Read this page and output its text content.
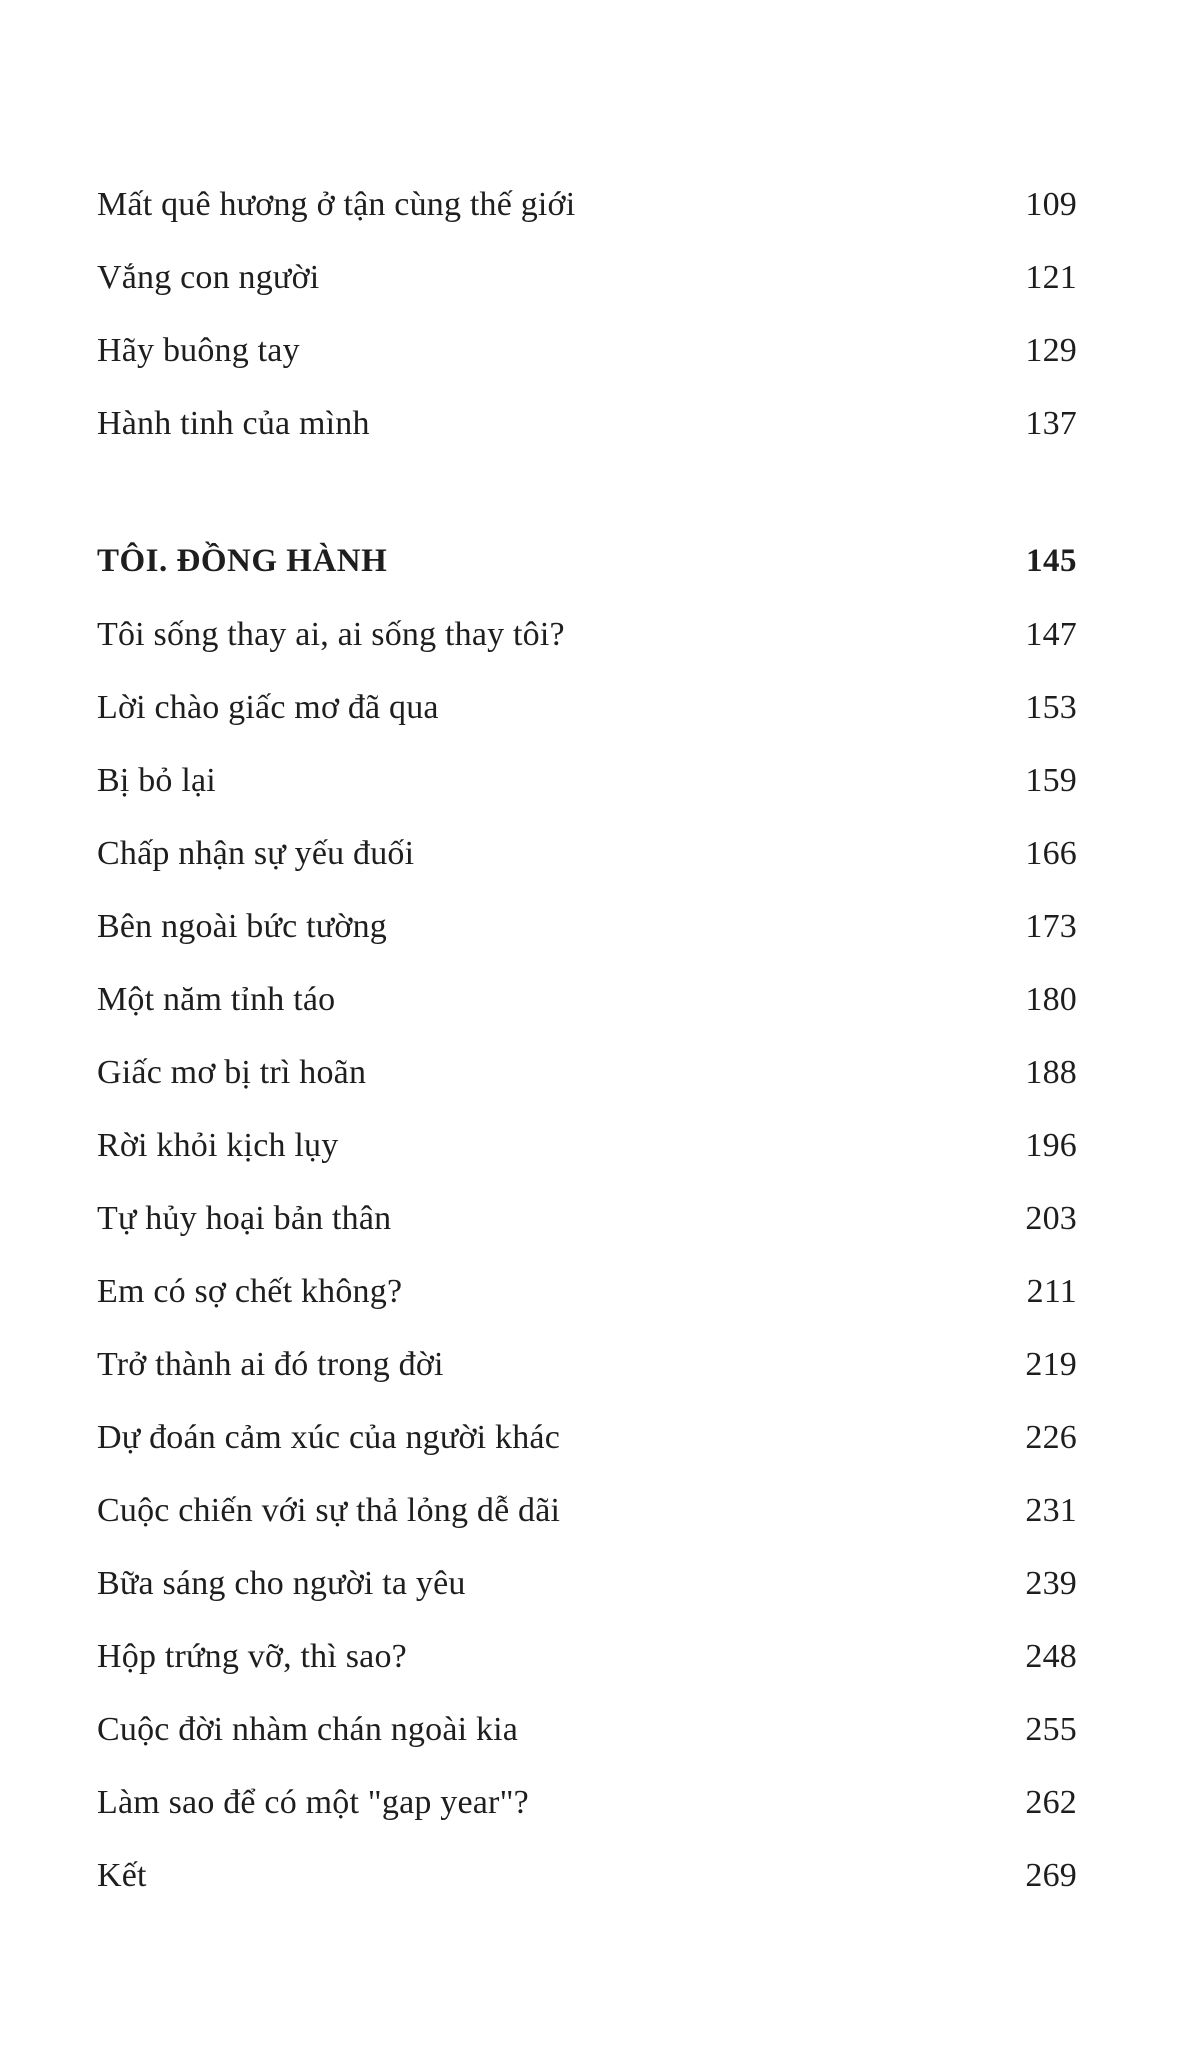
Mất quê hương ở tận cùng thế giới	109
Vắng con người	121
Hãy buông tay	129
Hành tinh của mình	137
TÔI. ĐỒNG HÀNH	145
Tôi sống thay ai, ai sống thay tôi?	147
Lời chào giấc mơ đã qua	153
Bị bỏ lại	159
Chấp nhận sự yếu đuối	166
Bên ngoài bức tường	173
Một năm tỉnh táo	180
Giấc mơ bị trì hoãn	188
Rời khỏi kịch lụy	196
Tự hủy hoại bản thân	203
Em có sợ chết không?	211
Trở thành ai đó trong đời	219
Dự đoán cảm xúc của người khác	226
Cuộc chiến với sự thả lỏng dễ dãi	231
Bữa sáng cho người ta yêu	239
Hộp trứng vỡ, thì sao?	248
Cuộc đời nhàm chán ngoài kia	255
Làm sao để có một "gap year"?	262
Kết	269
